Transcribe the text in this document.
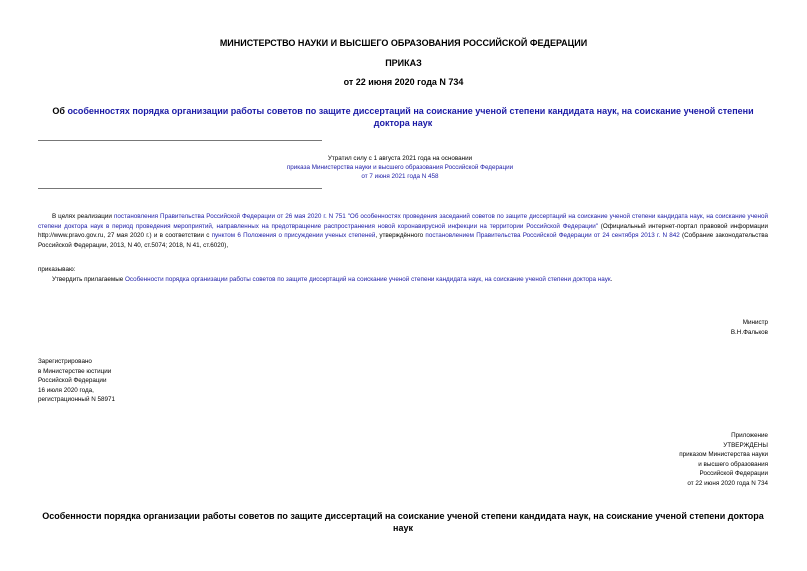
МИНИСТЕРСТВО НАУКИ И ВЫСШЕГО ОБРАЗОВАНИЯ РОССИЙСКОЙ ФЕДЕРАЦИИ
ПРИКАЗ
от 22 июня 2020 года N 734
Об особенностях порядка организации работы советов по защите диссертаций на соискание ученой степени кандидата наук, на соискание ученой степени доктора наук
Утратил силу с 1 августа 2021 года на основании
приказа Министерства науки и высшего образования Российской Федерации
от 7 июня 2021 года N 458
В целях реализации постановления Правительства Российской Федерации от 26 мая 2020 г. N 751 "Об особенностях проведения заседаний советов по защите диссертаций на соискание ученой степени кандидата наук, на соискание ученой степени доктора наук в период проведения мероприятий, направленных на предотвращение распространения новой коронавирусной инфекции на территории Российской Федерации" (Официальный интернет-портал правовой информации http://www.pravo.gov.ru, 27 мая 2020 г.) и в соответствии с пунктом 6 Положения о присуждении ученых степеней, утверждённого постановлением Правительства Российской Федерации от 24 сентября 2013 г. N 842 (Собрание законодательства Российской Федерации, 2013, N 40, ст.5074; 2018, N 41, ст.6020),
приказываю:
Утвердить прилагаемые Особенности порядка организации работы советов по защите диссертаций на соискание ученой степени кандидата наук, на соискание ученой степени доктора наук.
Министр
В.Н.Фальков
Зарегистрировано
в Министерстве юстиции
Российской Федерации
16 июля 2020 года,
регистрационный N 58971
Приложение
УТВЕРЖДЕНЫ
приказом Министерства науки
и высшего образования
Российской Федерации
от 22 июня 2020 года N 734
Особенности порядка организации работы советов по защите диссертаций на соискание ученой степени кандидата наук, на соискание ученой степени доктора наук
